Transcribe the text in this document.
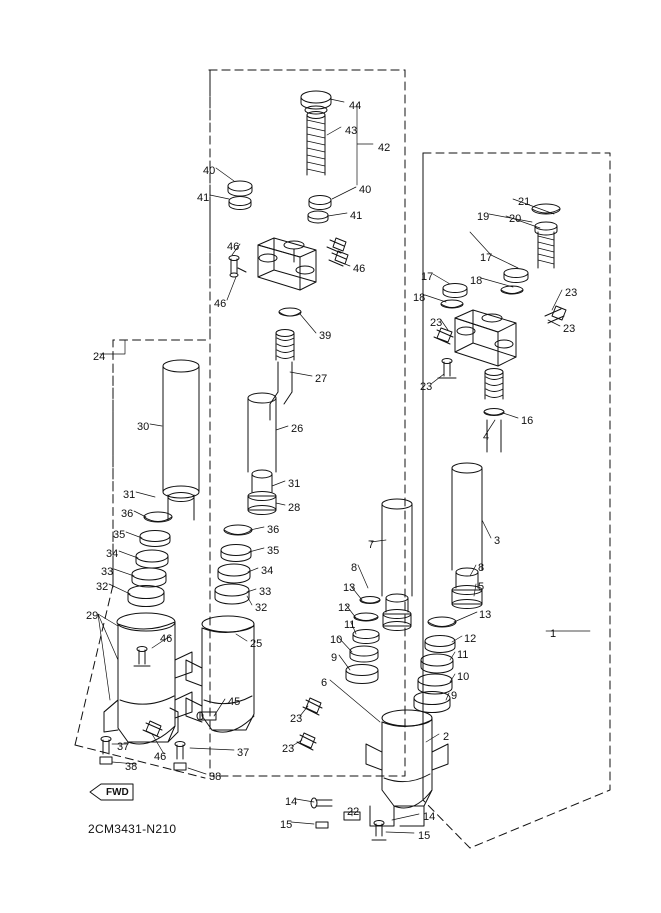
FWD
2CM3431-N210
44
43
42
40
41
40
41
21
19 20
46
46
46
17
17	18
18	23
23	23
23
39
24
27
16
4
30	26
31
28
31
36
35
34
33
32
36
35
34
33
32
7	3
8	8
5
13
13
12
12
11
11
10
10
9
9
6
1
29
46	25
45
2
23
23
37	37
46
38
38
14
14
22
15
15
